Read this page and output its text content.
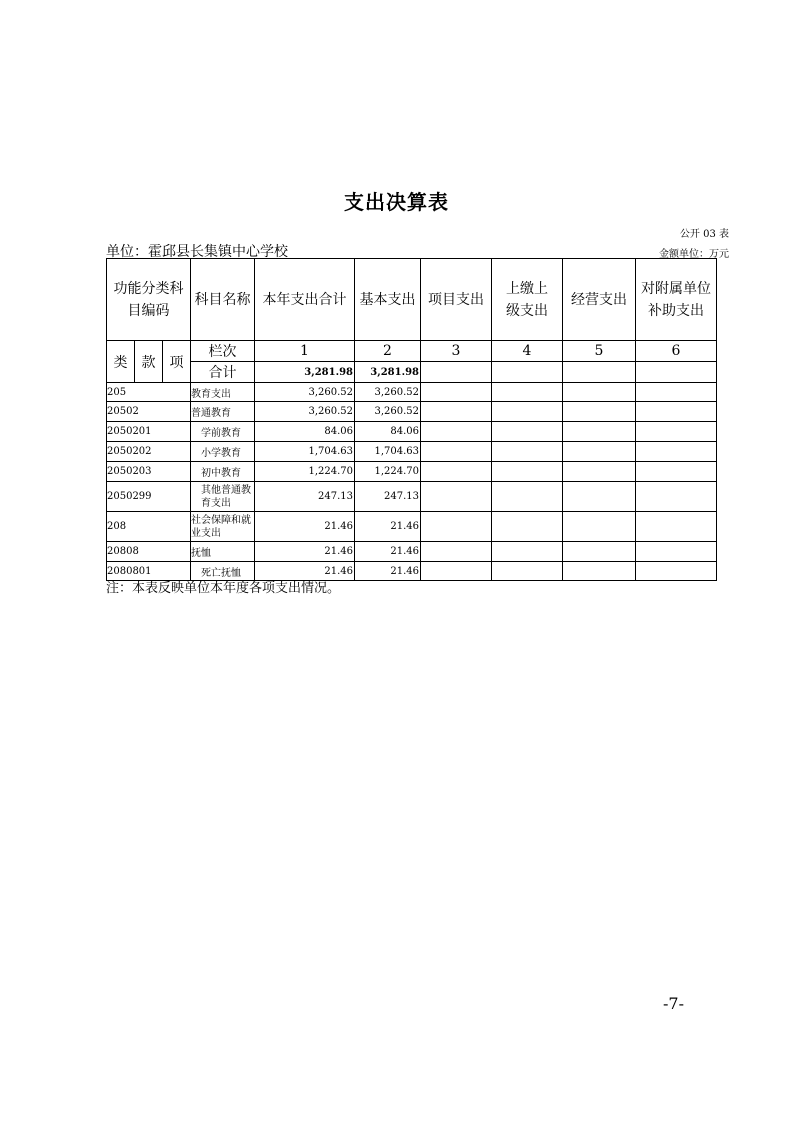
支出决算表
公开 03 表
单位：霍邱县长集镇中心学校	金额单位：万元
功能分类科目编码			科目名称	本年支出合计	基本支出	项目支出	上缴上级支出	经营支出	对附属单位补助支出
类	款	项	栏次	1	2	3	4	5	6
			合计	3,281.98	3,281.98				
205			教育支出	3,260.52	3,260.52				
20502			普通教育	3,260.52	3,260.52				
2050201			学前教育	84.06	84.06				
2050202			小学教育	1,704.63	1,704.63				
2050203			初中教育	1,224.70	1,224.70				
2050299			其他普通教育支出	247.13	247.13				
208			社会保障和就业支出	21.46	21.46				
20808			抚恤	21.46	21.46				
2080801			死亡抚恤	21.46	21.46				
注：本表反映单位本年度各项支出情况。
-7-
